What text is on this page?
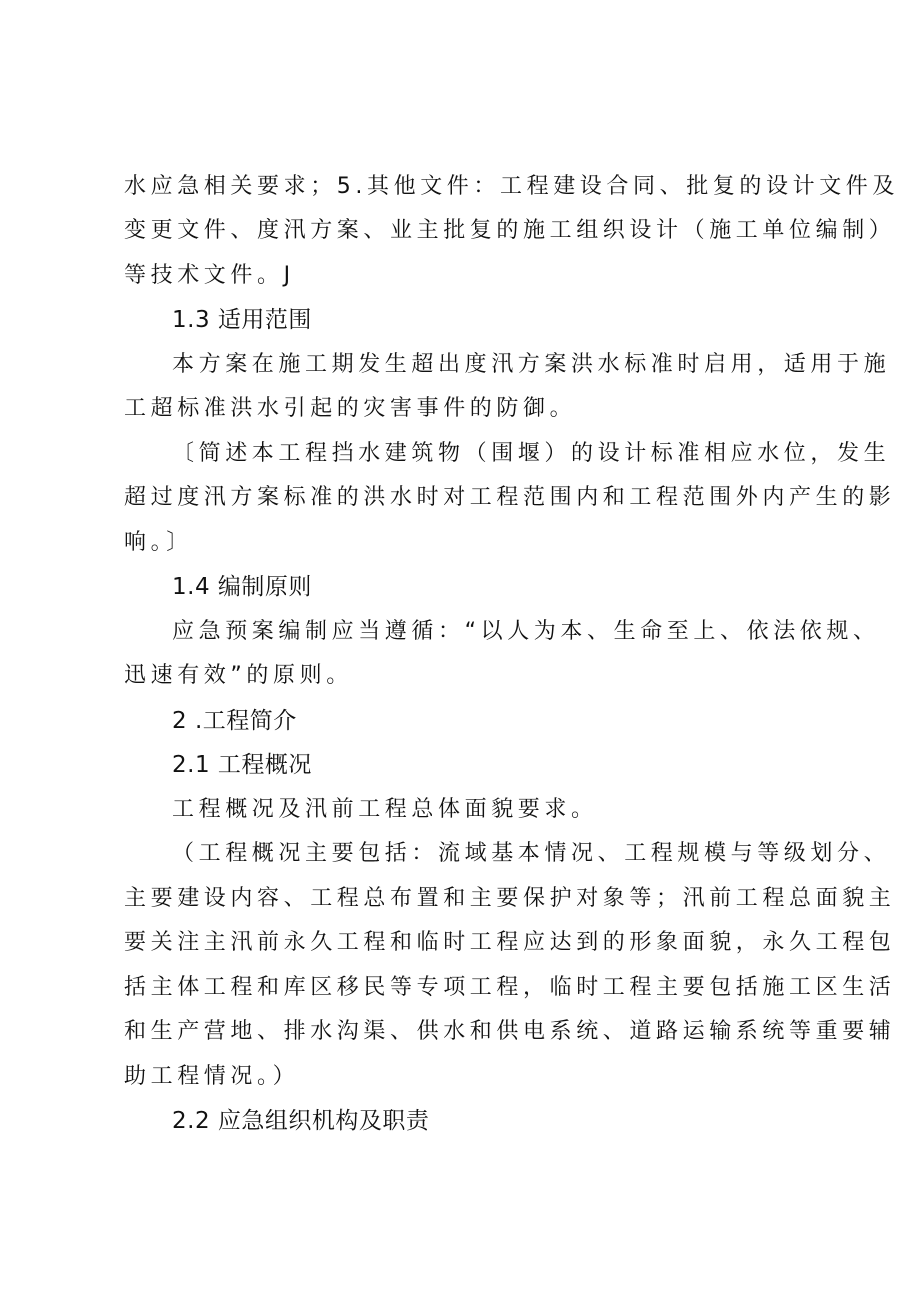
水应急相关要求；5.其他文件：工程建设合同、批复的设计文件及
变更文件、度汛方案、业主批复的施工组织设计（施工单位编制）
等技术文件。J
1.3 适用范围
本方案在施工期发生超出度汛方案洪水标准时启用，适用于施
工超标准洪水引起的灾害事件的防御。
〔简述本工程挡水建筑物（围堰）的设计标准相应水位，发生
超过度汛方案标准的洪水时对工程范围内和工程范围外内产生的影
响。〕
1.4 编制原则
应急预案编制应当遵循：“以人为本、生命至上、依法依规、
迅速有效”的原则。
2 .工程简介
2.1 工程概况
工程概况及汛前工程总体面貌要求。
（工程概况主要包括：流域基本情况、工程规模与等级划分、
主要建设内容、工程总布置和主要保护对象等；汛前工程总面貌主
要关注主汛前永久工程和临时工程应达到的形象面貌，永久工程包
括主体工程和库区移民等专项工程，临时工程主要包括施工区生活
和生产营地、排水沟渠、供水和供电系统、道路运输系统等重要辅
助工程情况。）
2.2 应急组织机构及职责
